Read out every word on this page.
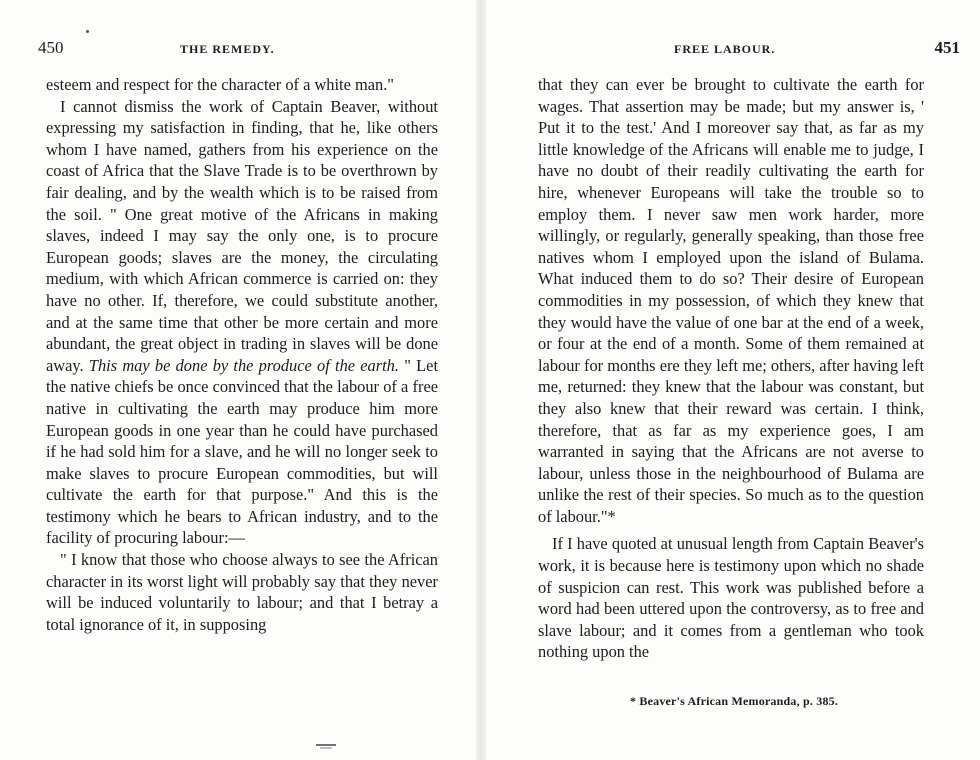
450	THE REMEDY.

esteem and respect for the character of a white man."

I cannot dismiss the work of Captain Beaver, without expressing my satisfaction in finding, that he, like others whom I have named, gathers from his experience on the coast of Africa that the Slave Trade is to be overthrown by fair dealing, and by the wealth which is to be raised from the soil. " One great motive of the Africans in making slaves, indeed I may say the only one, is to procure European goods; slaves are the money, the circulating medium, with which African commerce is carried on: they have no other. If, therefore, we could substitute another, and at the same time that other be more certain and more abundant, the great object in trading in slaves will be done away. This may be done by the produce of the earth. " Let the native chiefs be once convinced that the labour of a free native in cultivating the earth may produce him more European goods in one year than he could have purchased if he had sold him for a slave, and he will no longer seek to make slaves to procure European commodities, but will cultivate the earth for that purpose." And this is the testimony which he bears to African industry, and to the facility of procuring labour:—

" I know that those who choose always to see the African character in its worst light will probably say that they never will be induced voluntarily to labour; and that I betray a total ignorance of it, in supposing

FREE LABOUR.	451

that they can ever be brought to cultivate the earth for wages. That assertion may be made; but my answer is, ' Put it to the test.' And I moreover say that, as far as my little knowledge of the Africans will enable me to judge, I have no doubt of their readily cultivating the earth for hire, whenever Europeans will take the trouble so to employ them. I never saw men work harder, more willingly, or regularly, generally speaking, than those free natives whom I employed upon the island of Bulama. What induced them to do so? Their desire of European commodities in my possession, of which they knew that they would have the value of one bar at the end of a week, or four at the end of a month. Some of them remained at labour for months ere they left me; others, after having left me, returned: they knew that the labour was constant, but they also knew that their reward was certain. I think, therefore, that as far as my experience goes, I am warranted in saying that the Africans are not averse to labour, unless those in the neighbourhood of Bulama are unlike the rest of their species. So much as to the question of labour."*

If I have quoted at unusual length from Captain Beaver's work, it is because here is testimony upon which no shade of suspicion can rest. This work was published before a word had been uttered upon the controversy, as to free and slave labour; and it comes from a gentleman who took nothing upon the

* Beaver's African Memoranda, p. 385.
